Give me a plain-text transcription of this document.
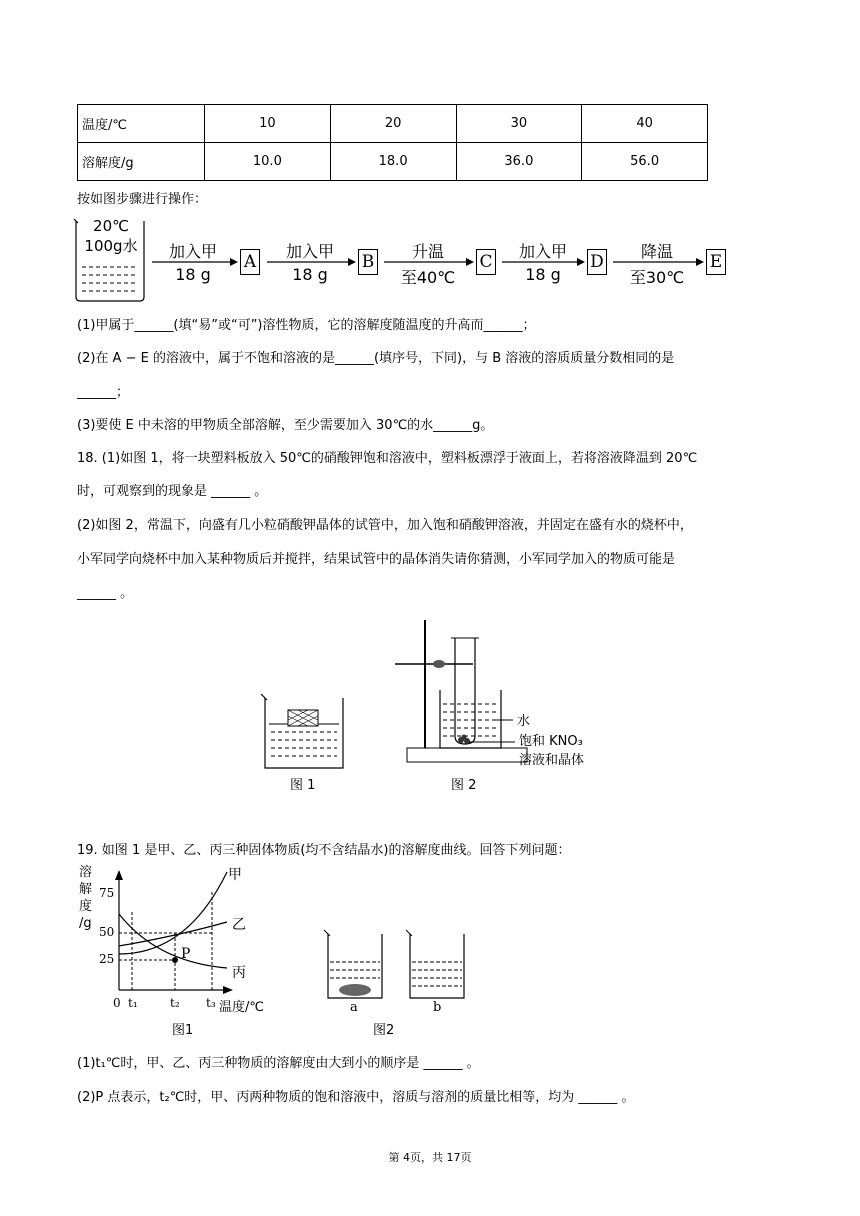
温度/℃	10	20	30	40
溶解度/g	10.0	18.0	36.0	56.0
按如图步骤进行操作：
20℃
100g水	加入甲
18 g
A
加入甲
18 g
B
升温
至40℃
C
加入甲
18 g
D
降温
至30℃
E
(1)甲属于______(填“易”或“可”)溶性物质，它的溶解度随温度的升高而______；
(2)在 A − E 的溶液中，属于不饱和溶液的是______(填序号，下同)，与 B 溶液的溶质质量分数相同的是
______；
(3)要使 E 中未溶的甲物质全部溶解，至少需要加入 30℃的水______g。
18. (1)如图 1，将一块塑料板放入 50℃的硝酸钾饱和溶液中，塑料板漂浮于液面上，若将溶液降温到 20℃
时，可观察到的现象是 ______ 。
(2)如图 2，常温下，向盛有几小粒硝酸钾晶体的试管中，加入饱和硝酸钾溶液，并固定在盛有水的烧杯中，
小军同学向烧杯中加入某种物质后并搅拌，结果试管中的晶体消失请你猜测，小军同学加入的物质可能是
______ 。
水
饱和 KNO₃
溶液和晶体
图 1	图 2
19. 如图 1 是甲、乙、丙三种固体物质(均不含结晶水)的溶解度曲线。回答下列问题：
溶
解
度
/g
75
50
25
0 t₁	t₂ t₃ 温度/℃
甲
乙
丙
P
图1
a	b
图2
(1)t₁℃时，甲、乙、丙三种物质的溶解度由大到小的顺序是 ______ 。
(2)P 点表示，t₂℃时，甲、丙两种物质的饱和溶液中，溶质与溶剂的质量比相等，均为 ______ 。
第 4页，共 17页
